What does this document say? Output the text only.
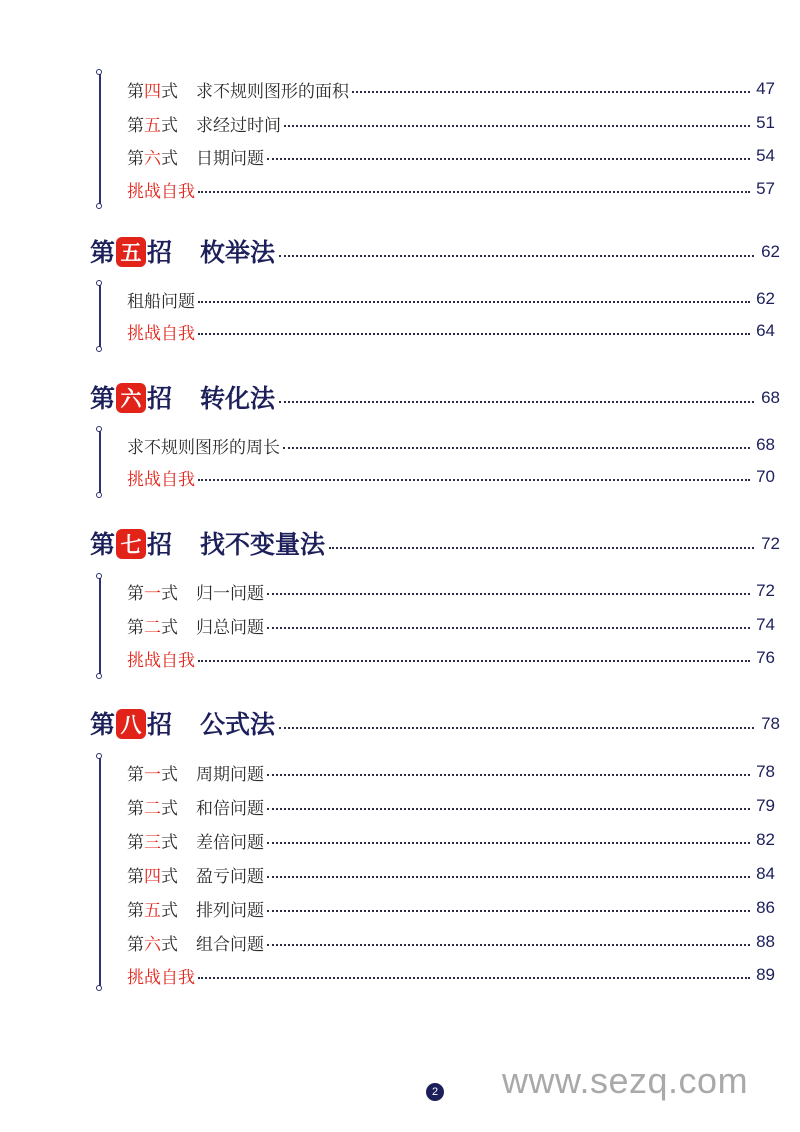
第四式 求不规则图形的面积	47
第五式 求经过时间	51
第六式 日期问题	54
挑战自我	57
第 五 招 枚举法	62
租船问题	62
挑战自我	64
第 六 招 转化法	68
求不规则图形的周长	68
挑战自我	70
第 七 招 找不变量法	72
第一式 归一问题	72
第二式 归总问题	74
挑战自我	76
第 八 招 公式法	78
第一式 周期问题	78
第二式 和倍问题	79
第三式 差倍问题	82
第四式 盈亏问题	84
第五式 排列问题	86
第六式 组合问题	88
挑战自我	89
2 www.sezq.com
